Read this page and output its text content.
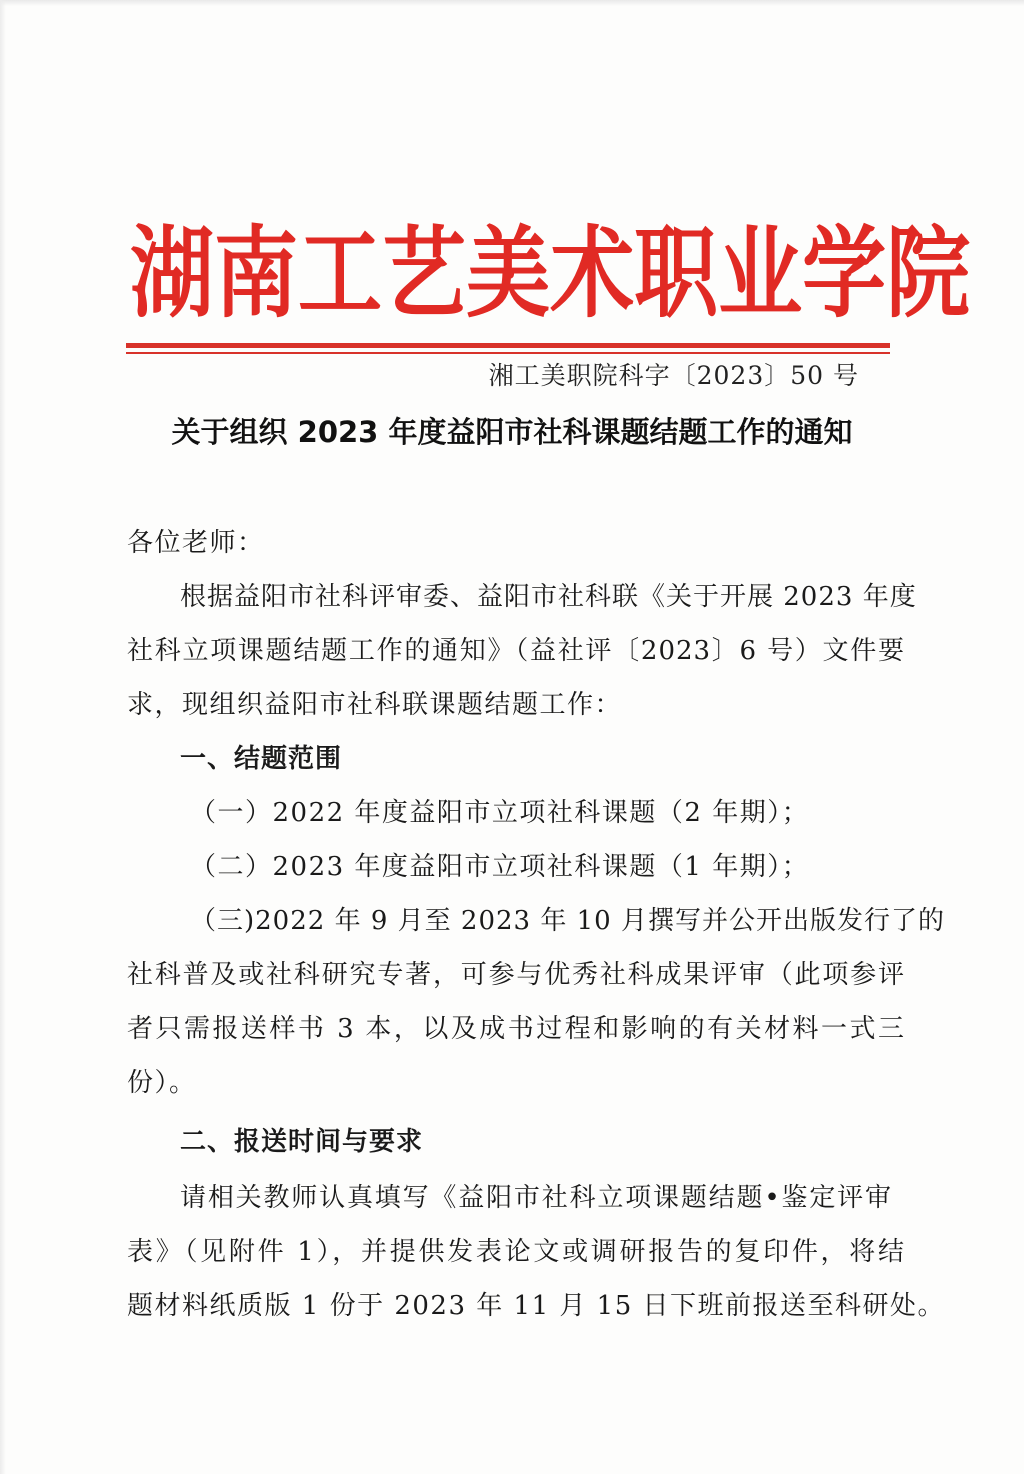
湖 南 工 艺 美 术 职 业 学 院
湘工美职院科字〔2023〕50 号
关于组织 2023 年度益阳市社科课题结题工作的通知
各位老师：
根据益阳市社科评审委、益阳市社科联《关于开展 2023 年度
社科立项课题结题工作的通知》（益社评〔2023〕6 号）文件要
求，现组织益阳市社科联课题结题工作：
一、结题范围
（一）2022 年度益阳市立项社科课题（2 年期）；
（二）2023 年度益阳市立项社科课题（1 年期）；
（三)2022 年 9 月至 2023 年 10 月撰写并公开出版发行了的
社科普及或社科研究专著，可参与优秀社科成果评审（此项参评
者只需报送样书 3 本，以及成书过程和影响的有关材料一式三
份）。
二、报送时间与要求
请相关教师认真填写《益阳市社科立项课题结题•鉴定评审
表》（见附件 1），并提供发表论文或调研报告的复印件，将结
题材料纸质版 1 份于 2023 年 11 月 15 日下班前报送至科研处。
